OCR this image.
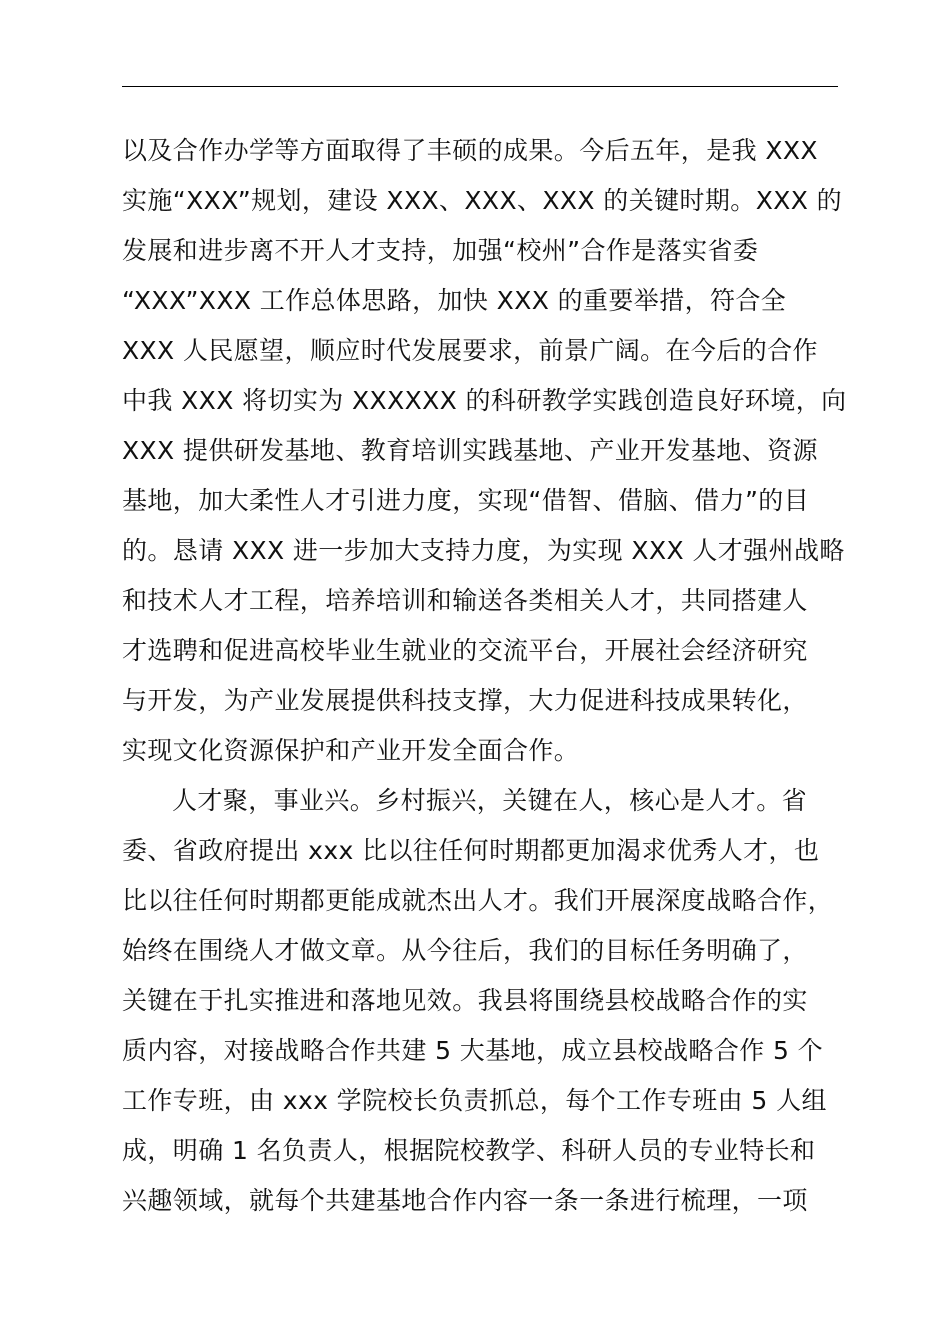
以及合作办学等方面取得了丰硕的成果。今后五年，是我 XXX
实施“XXX”规划，建设 XXX、XXX、XXX 的关键时期。XXX 的
发展和进步离不开人才支持，加强“校州”合作是落实省委
“XXX”XXX 工作总体思路，加快 XXX 的重要举措，符合全
XXX 人民愿望，顺应时代发展要求，前景广阔。在今后的合作
中我 XXX 将切实为 XXXXXX 的科研教学实践创造良好环境，向
XXX 提供研发基地、教育培训实践基地、产业开发基地、资源
基地，加大柔性人才引进力度，实现“借智、借脑、借力”的目
的。恳请 XXX 进一步加大支持力度，为实现 XXX 人才强州战略
和技术人才工程，培养培训和输送各类相关人才，共同搭建人
才选聘和促进高校毕业生就业的交流平台，开展社会经济研究
与开发，为产业发展提供科技支撑，大力促进科技成果转化，
实现文化资源保护和产业开发全面合作。
人才聚，事业兴。乡村振兴，关键在人，核心是人才。省
委、省政府提出 xxx 比以往任何时期都更加渴求优秀人才，也
比以往任何时期都更能成就杰出人才。我们开展深度战略合作，
始终在围绕人才做文章。从今往后，我们的目标任务明确了，
关键在于扎实推进和落地见效。我县将围绕县校战略合作的实
质内容，对接战略合作共建 5 大基地，成立县校战略合作 5 个
工作专班，由 xxx 学院校长负责抓总，每个工作专班由 5 人组
成，明确 1 名负责人，根据院校教学、科研人员的专业特长和
兴趣领域，就每个共建基地合作内容一条一条进行梳理，一项
